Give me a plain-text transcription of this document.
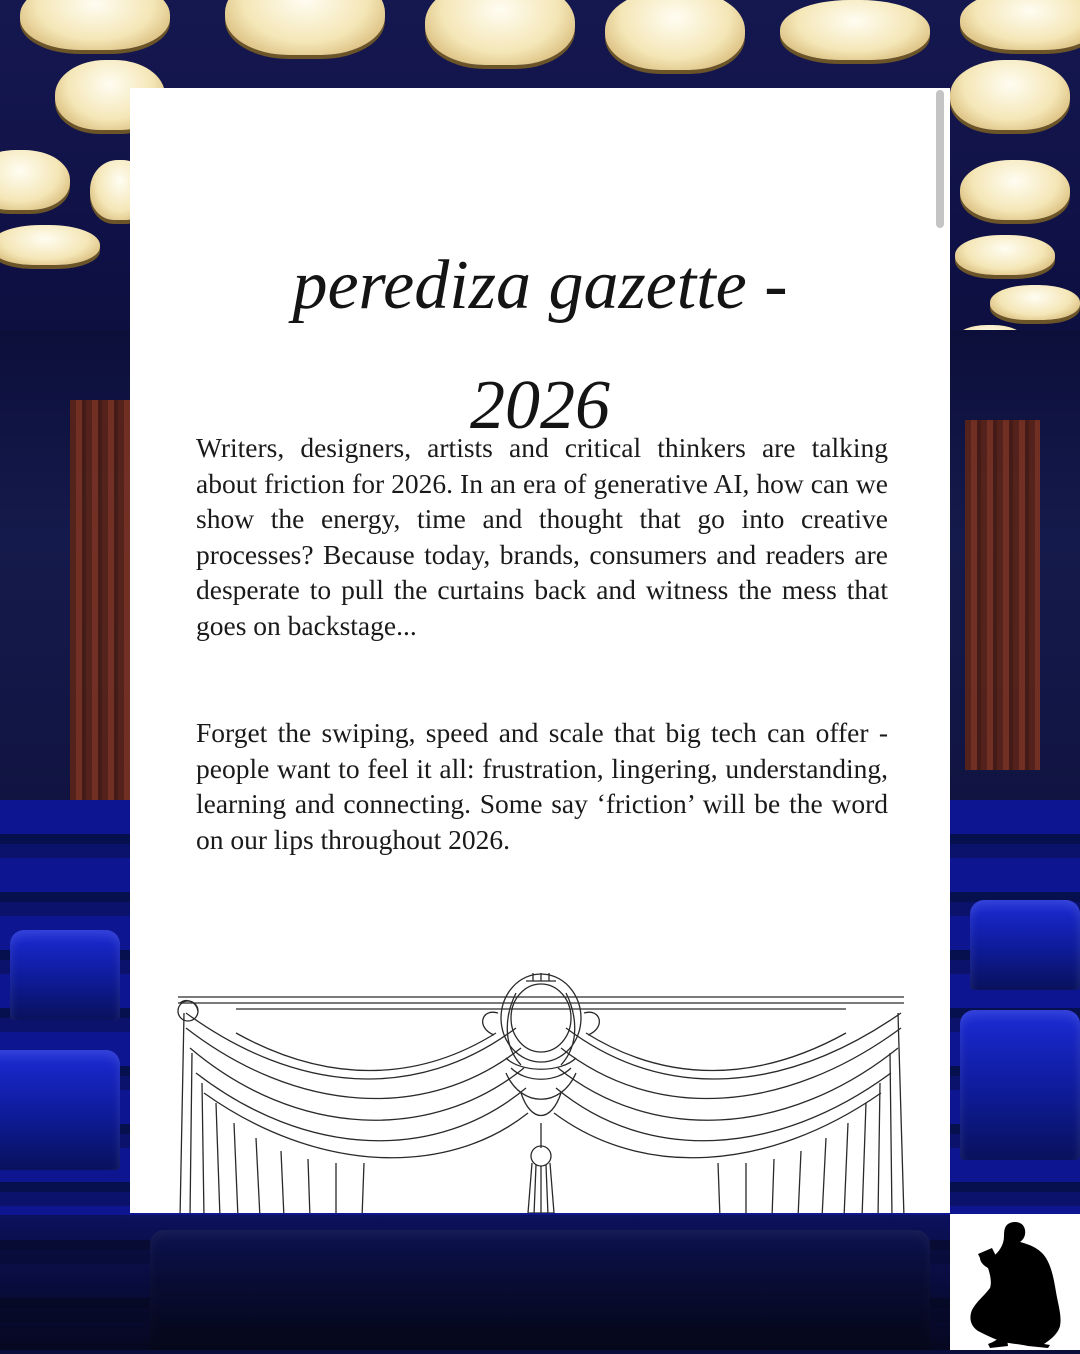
perediza gazette -
2026

Writers, designers, artists and critical thinkers are talking about friction for 2026. In an era of generative AI, how can we show the energy, time and thought that go into creative processes? Because today, brands, consumers and readers are desperate to pull the curtains back and witness the mess that goes on backstage...

Forget the swiping, speed and scale that big tech can offer - people want to feel it all: frustration, lingering, understanding, learning and connecting. Some say ‘friction’ will be the word on our lips throughout 2026.
